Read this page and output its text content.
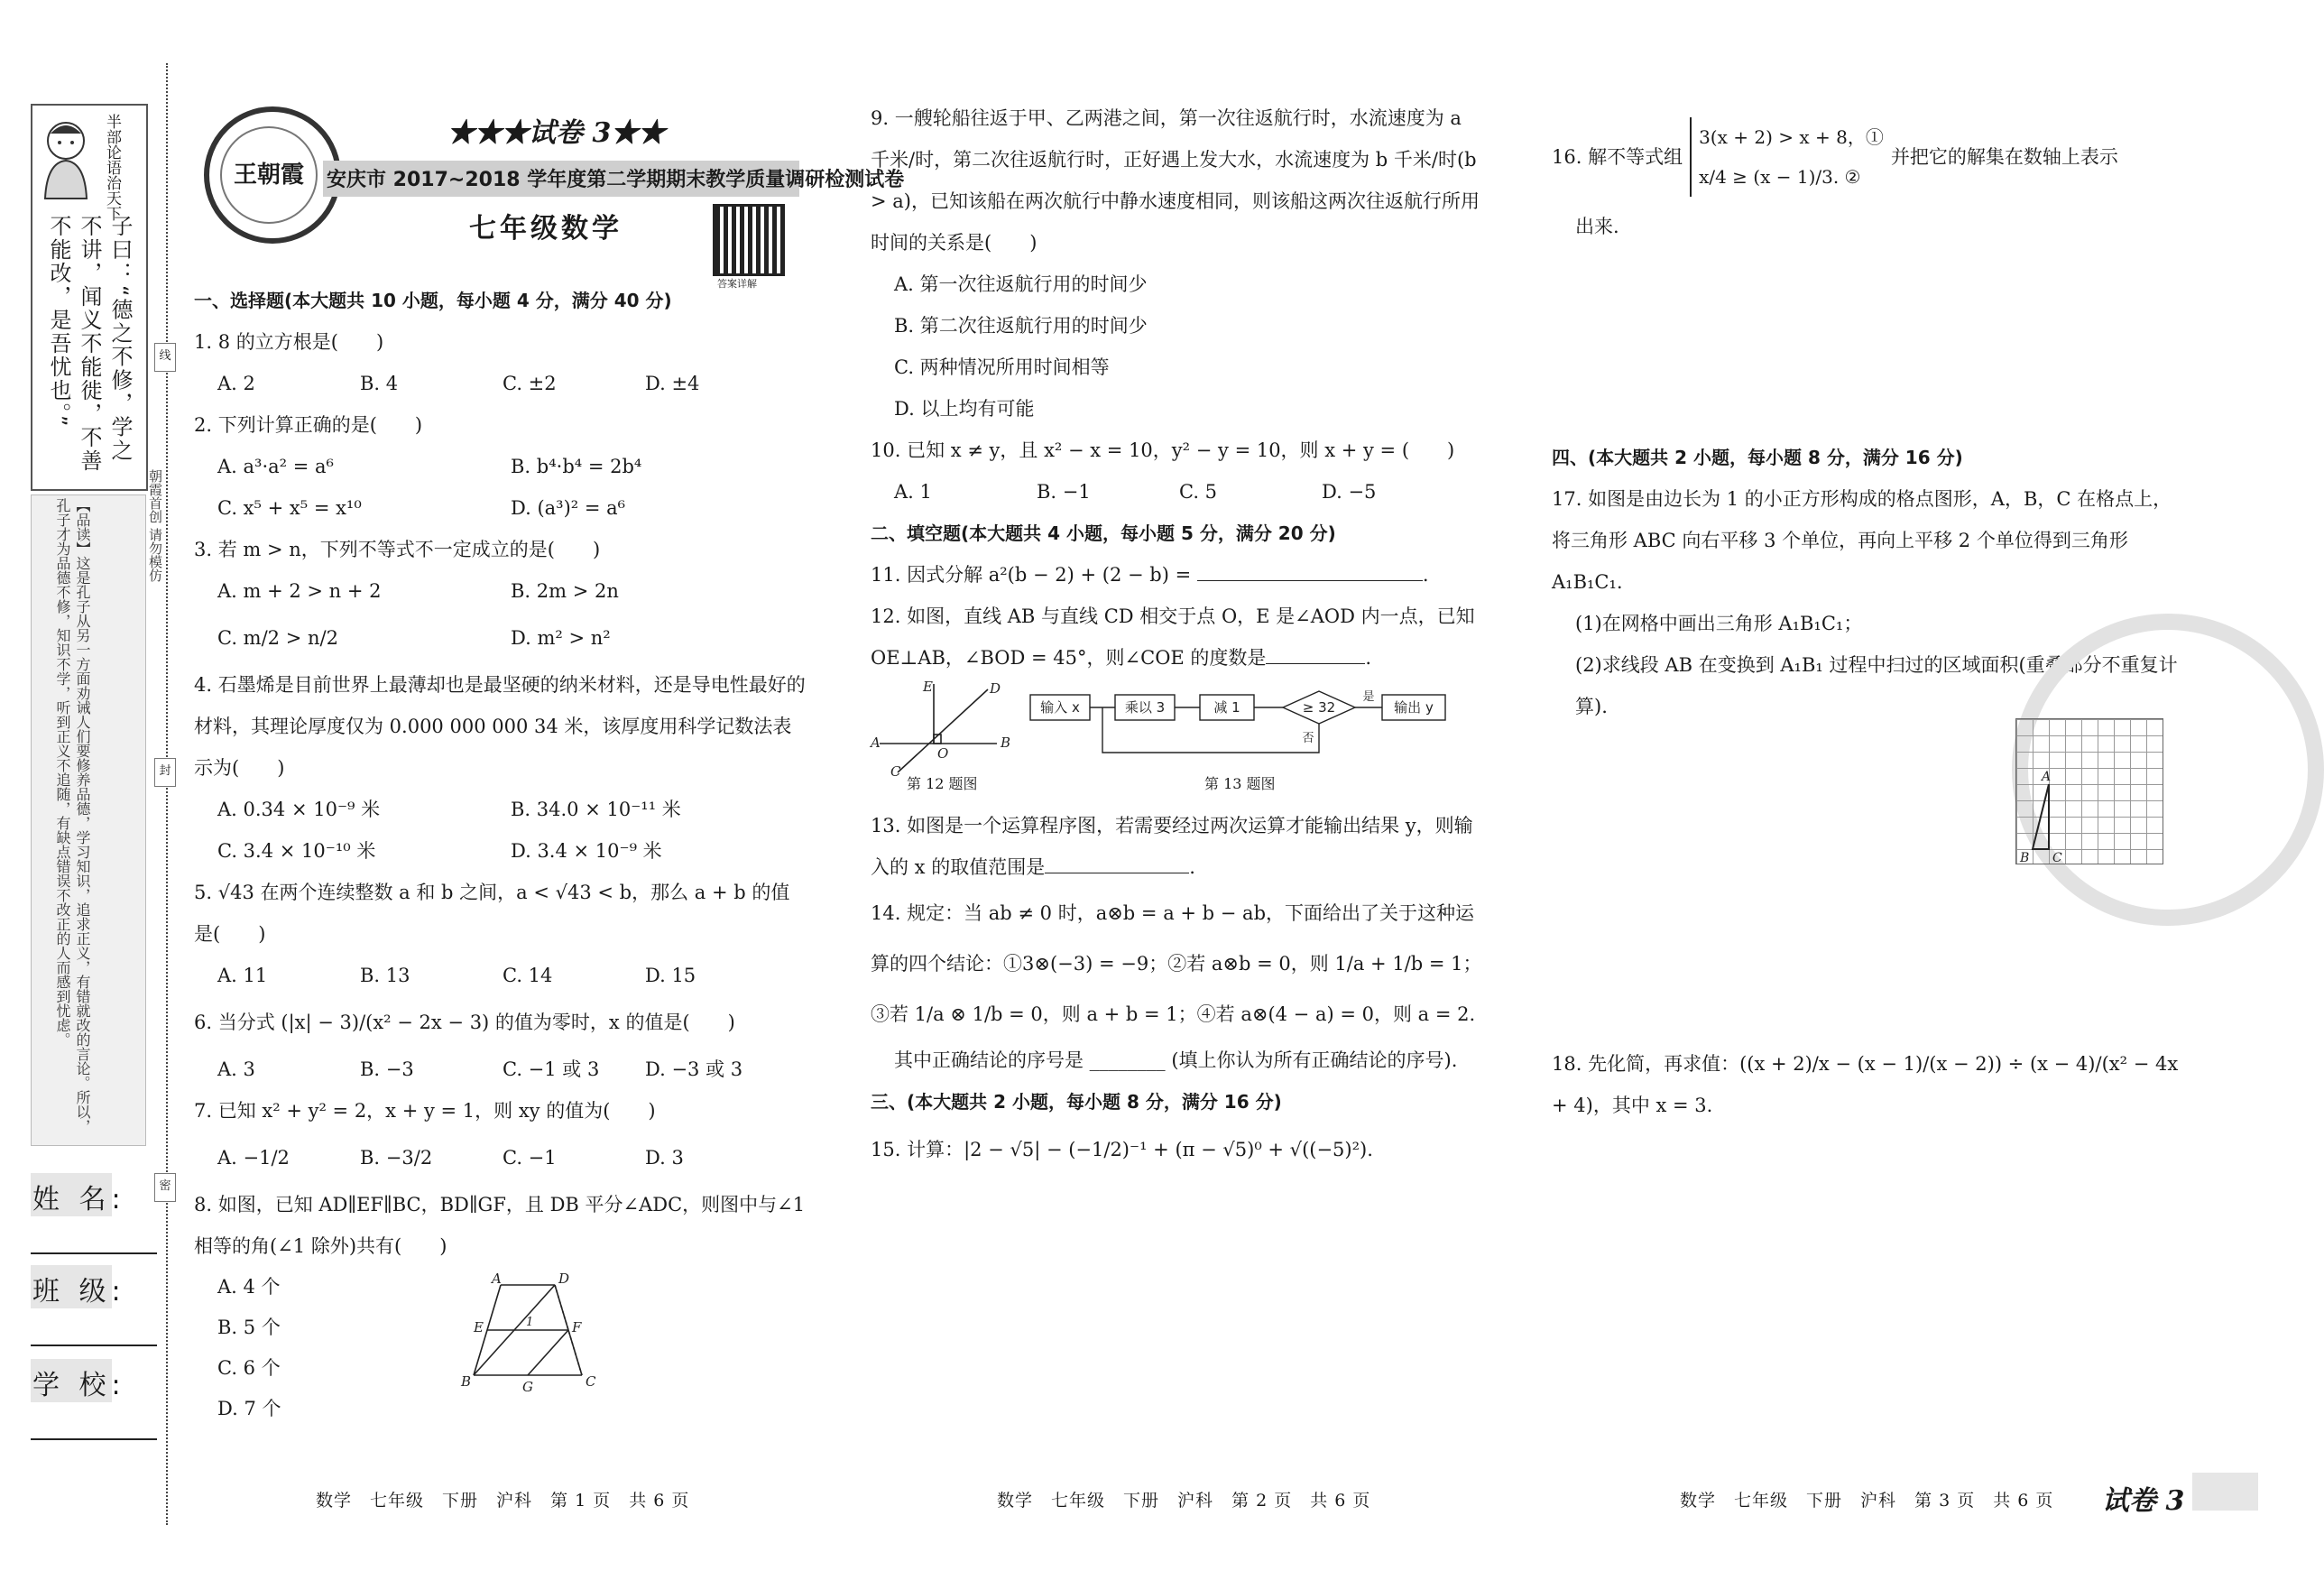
半部论语治天下
子曰：“德之不修，学之不讲，闻义不能徙，不善不能改，是吾忧也。”
【品读】这是孔子从另一方面劝诫人们要修养品德，学习知识，追求正义，有错就改的言论。所以，孔子才为品德不修，知识不学，听到正义不追随，有缺点错误不改正的人而感到忧虑。	朝霞首创 请勿模仿
线
封
密
姓 名:
班 级:
学 校:
王朝霞
★★★试卷 3★★
安庆市 2017~2018 学年度第二学期期末教学质量调研检测试卷
七年级数学
答案详解
一、选择题(本大题共 10 小题，每小题 4 分，满分 40 分)

1. 8 的立方根是(　　)

A. 2	B. 4	C. ±2	D. ±4

2. 下列计算正确的是(　　)

A. a³·a² = a⁶	B. b⁴·b⁴ = 2b⁴
C. x⁵ + x⁵ = x¹⁰	D. (a³)² = a⁶

3. 若 m > n，下列不等式不一定成立的是(　　)

A. m + 2 > n + 2	B. 2m > 2n
C. m/2 > n/2	D. m² > n²

4. 石墨烯是目前世界上最薄却也是最坚硬的纳米材料，还是导电性最好的材料，其理论厚度仅为 0.000 000 000 34 米，该厚度用科学记数法表示为(　　)

A. 0.34 × 10⁻⁹ 米	B. 34.0 × 10⁻¹¹ 米
C. 3.4 × 10⁻¹⁰ 米	D. 3.4 × 10⁻⁹ 米

5. √43 在两个连续整数 a 和 b 之间，a < √43 < b，那么 a + b 的值是(　　)

A. 11	B. 13	C. 14	D. 15

6. 当分式 (|x| − 3)/(x² − 2x − 3) 的值为零时，x 的值是(　　)

A. 3	B. −3	C. −1 或 3	D. −3 或 3

7. 已知 x² + y² = 2，x + y = 1，则 xy 的值为(　　)

A. −1/2	B. −3/2	C. −1	D. 3

8. 如图，已知 AD∥EF∥BC，BD∥GF，且 DB 平分∠ADC，则图中与∠1 相等的角(∠1 除外)共有(　　)

A. 4 个
B. 5 个
C. 6 个
D. 7 个
A	D
E	F
B	G	C
1

9. 一艘轮船往返于甲、乙两港之间，第一次往返航行时，水流速度为 a 千米/时，第二次往返航行时，正好遇上发大水，水流速度为 b 千米/时(b > a)，已知该船在两次航行中静水速度相同，则该船这两次往返航行所用时间的关系是(　　)

A. 第一次往返航行用的时间少
B. 第二次往返航行用的时间少
C. 两种情况所用时间相等
D. 以上均有可能

10. 已知 x ≠ y，且 x² − x = 10，y² − y = 10，则 x + y = (　　)

A. 1	B. −1	C. 5	D. −5
二、填空题(本大题共 4 小题，每小题 5 分，满分 20 分)

11. 因式分解 a²(b − 2) + (2 − b) =	.

12. 如图，直线 AB 与直线 CD 相交于点 O，E 是∠AOD 内一点，已知 OE⊥AB，∠BOD = 45°，则∠COE 的度数是	.

E	D
A
O
B
C
第 12 题图
输入 x	乘以 3	减 1	≥ 32	输出 y
是
否
第 13 题图

13. 如图是一个运算程序图，若需要经过两次运算才能输出结果 y，则输入的 x 的取值范围是	.

14. 规定：当 ab ≠ 0 时，a⊗b = a + b − ab，下面给出了关于这种运算的四个结论：①3⊗(−3) = −9；②若 a⊗b = 0，则 1/a + 1/b = 1；③若 1/a ⊗ 1/b = 0，则 a + b = 1；④若 a⊗(4 − a) = 0，则 a = 2.

其中正确结论的序号是 ________ (填上你认为所有正确结论的序号).

三、(本大题共 2 小题，每小题 8 分，满分 16 分)

15. 计算：|2 − √5| − (−1/2)⁻¹ + (π − √5)⁰ + √((−5)²).

16. 解不等式组
3(x + 2) > x + 8，①
x/4 ≥ (x − 1)/3. ②
并把它的解集在数轴上表示

出来.

四、(本大题共 2 小题，每小题 8 分，满分 16 分)

17. 如图是由边长为 1 的小正方形构成的格点图形，A，B，C 在格点上，将三角形 ABC 向右平移 3 个单位，再向上平移 2 个单位得到三角形 A₁B₁C₁.

(1)在网格中画出三角形 A₁B₁C₁；

(2)求线段 AB 在变换到 A₁B₁ 过程中扫过的区域面积(重叠部分不重复计算).

18. 先化简，再求值：((x + 2)/x − (x − 1)/(x − 2)) ÷ (x − 4)/(x² − 4x + 4)，其中 x = 3.

A
B C
数学 七年级 下册 沪科 第 1 页 共 6 页	数学 七年级 下册 沪科 第 2 页 共 6 页	数学 七年级 下册 沪科 第 3 页 共 6 页	试卷 3
